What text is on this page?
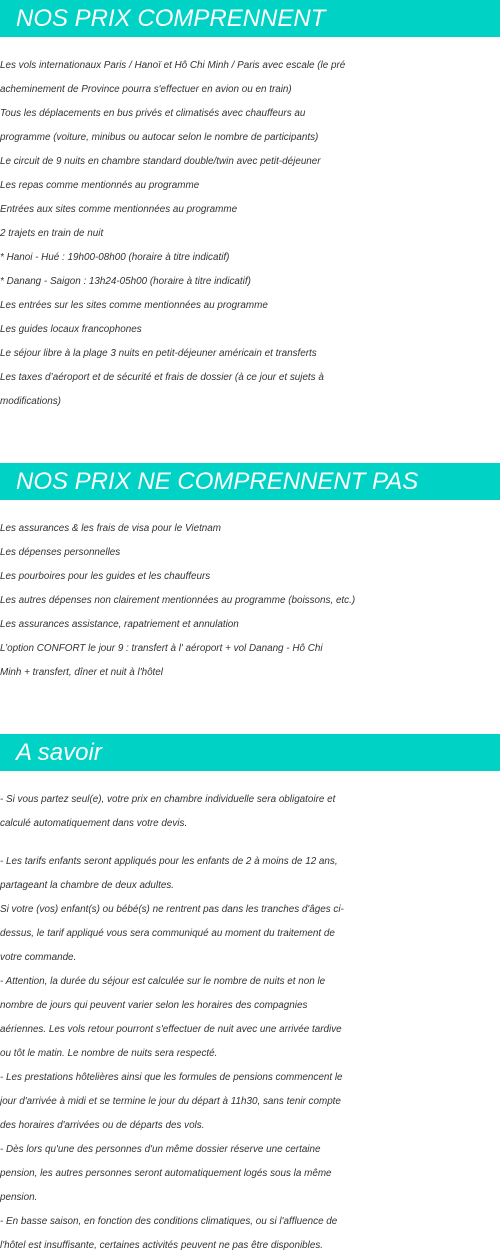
NOS PRIX COMPRENNENT
Les vols internationaux Paris / Hanoï et Hô Chi Minh / Paris avec escale (le pré
acheminement de Province pourra s'effectuer en avion ou en train)
Tous les déplacements en bus privés et climatisés avec chauffeurs au
programme (voiture, minibus ou autocar selon le nombre de participants)
Le circuit de 9 nuits en chambre standard double/twin avec petit-déjeuner
Les repas comme mentionnés au programme
Entrées aux sites comme mentionnées au programme
2 trajets en train de nuit
* Hanoi - Hué : 19h00-08h00 (horaire à titre indicatif)
* Danang - Saigon : 13h24-05h00 (horaire à titre indicatif)
Les entrées sur les sites comme mentionnées au programme
Les guides locaux francophones
Le séjour libre à la plage 3 nuits en petit-déjeuner américain et transferts
Les taxes d’aéroport et de sécurité et frais de dossier (à ce jour et sujets à
modifications)
NOS PRIX NE COMPRENNENT PAS
Les assurances & les frais de visa pour le Vietnam
Les dépenses personnelles
Les pourboires pour les guides et les chauffeurs
Les autres dépenses non clairement mentionnées au programme (boissons, etc.)
Les assurances assistance, rapatriement et annulation
L’option CONFORT le jour 9 : transfert à l' aéroport + vol Danang - Hô Chi
Minh + transfert, dîner et nuit à l'hôtel
A savoir
- Si vous partez seul(e), votre prix en chambre individuelle sera obligatoire et
calculé automatiquement dans votre devis.
- Les tarifs enfants seront appliqués pour les enfants de 2 à moins de 12 ans,
partageant la chambre de deux adultes.
Si votre (vos) enfant(s) ou bébé(s) ne rentrent pas dans les tranches d'âges ci-
dessus, le tarif appliqué vous sera communiqué au moment du traitement de
votre commande.
- Attention, la durée du séjour est calculée sur le nombre de nuits et non le
nombre de jours qui peuvent varier selon les horaires des compagnies
aériennes. Les vols retour pourront s'effectuer de nuit avec une arrivée tardive
ou tôt le matin. Le nombre de nuits sera respecté.
- Les prestations hôtelières ainsi que les formules de pensions commencent le
jour d'arrivée à midi et se termine le jour du départ à 11h30, sans tenir compte
des horaires d'arrivées ou de départs des vols.
- Dès lors qu'une des personnes d'un même dossier réserve une certaine
pension, les autres personnes seront automatiquement logés sous la même
pension.
- En basse saison, en fonction des conditions climatiques, ou si l'affluence de
l'hôtel est insuffisante, certaines activités peuvent ne pas être disponibles.
